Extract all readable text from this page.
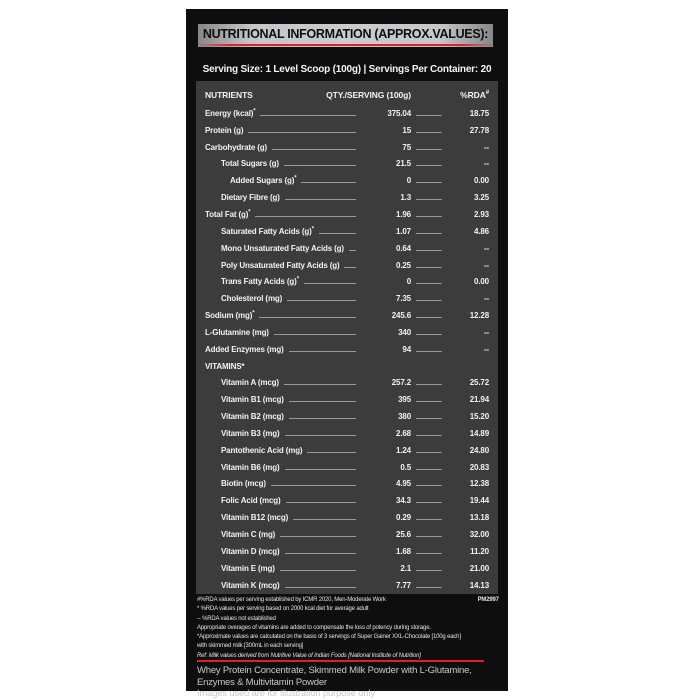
NUTRITIONAL INFORMATION (APPROX.VALUES):
Serving Size: 1 Level Scoop (100g) | Servings Per Container: 20
NUTRIENTS	QTY./SERVING (100g)	%RDA#
Energy (kcal)*	375.04	18.75
Protein (g)	15	27.78
Carbohydrate (g)	75	--
Total Sugars (g)	21.5	--
Added Sugars (g)*	0	0.00
Dietary Fibre (g)	1.3	3.25
Total Fat (g)*	1.96	2.93
Saturated Fatty Acids (g)*	1.07	4.86
Mono Unsaturated Fatty Acids (g)	0.64	--
Poly Unsaturated Fatty Acids (g)	0.25	--
Trans Fatty Acids (g)*	0	0.00
Cholesterol (mg)	7.35	--
Sodium (mg)*	245.6	12.28
L-Glutamine (mg)	340	--
Added Enzymes (mg)	94	--
VITAMINS*
Vitamin A (mcg)	257.2	25.72
Vitamin B1 (mcg)	395	21.94
Vitamin B2 (mcg)	380	15.20
Vitamin B3 (mg)	2.68	14.89
Pantothenic Acid (mg)	1.24	24.80
Vitamin B6 (mg)	0.5	20.83
Biotin (mcg)	4.95	12.38
Folic Acid (mcg)	34.3	19.44
Vitamin B12 (mcg)	0.29	13.18
Vitamin C (mg)	25.6	32.00
Vitamin D (mcg)	1.68	11.20
Vitamin E (mg)	2.1	21.00
Vitamin K (mcg)	7.77	14.13
#%RDA values per serving established by ICMR 2020, Men-Moderate Work	PM2997
* %RDA values per serving based on 2000 kcal diet for average adult
-- %RDA values not established
Appropriate overages of vitamins are added to compensate the loss of potency during storage.
*Approximate values are calculated on the basis of 3 servings of Super Gainer XXL-Chocolate [100g each]
with skimmed milk [300mL in each serving]
Ref: Milk values derived from Nutritive Value of Indian Foods [National Institute of Nutrition]
Whey Protein Concentrate, Skimmed Milk Powder with L-Glutamine,
Enzymes & Multivitamin Powder
Images used are for illustration purpose only
